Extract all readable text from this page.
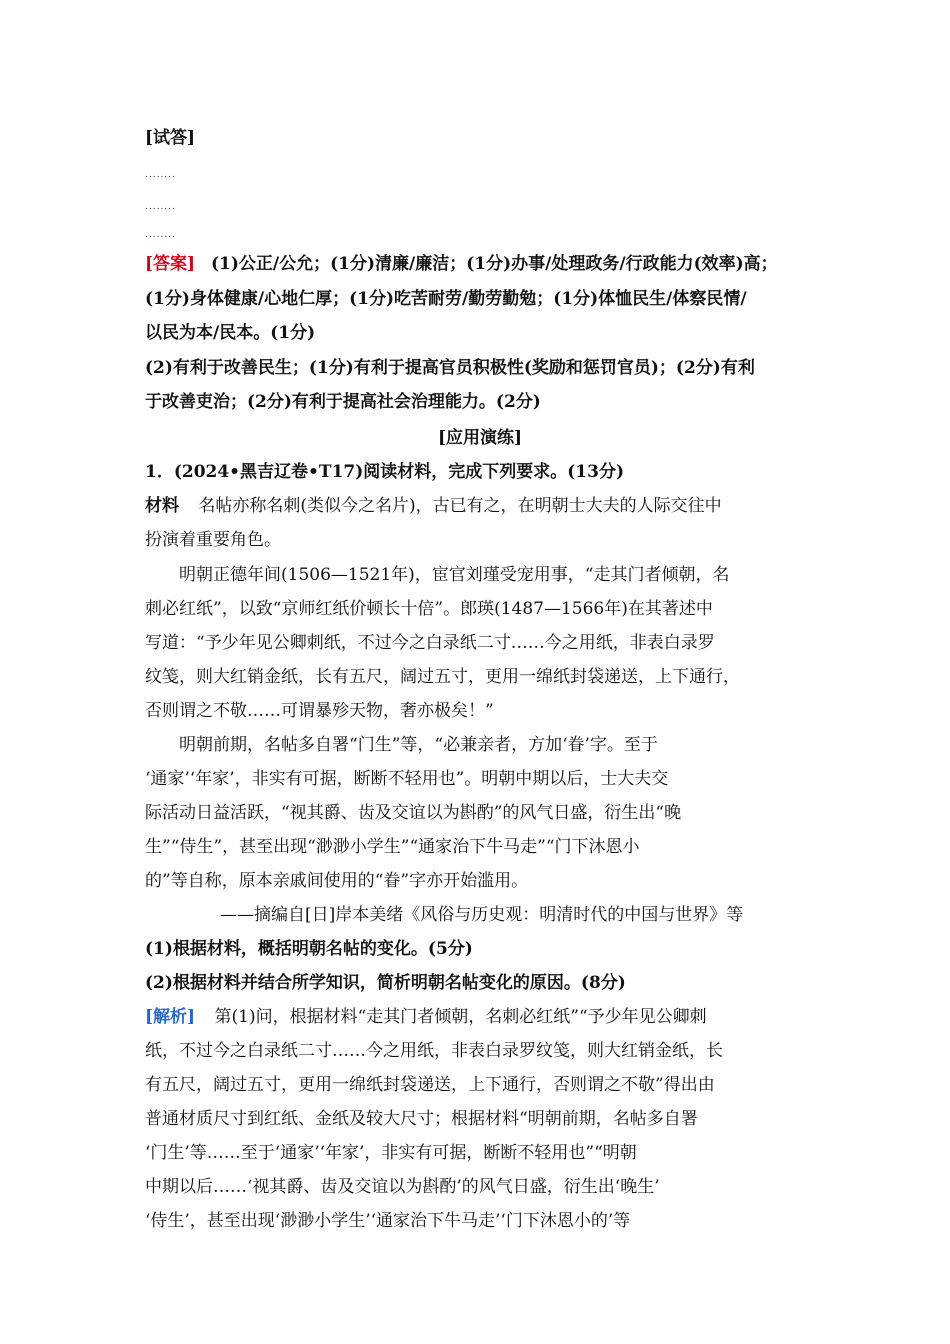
[试答]
........
........
........
[答案] (1)公正/公允；(1分)清廉/廉洁；(1分)办事/处理政务/行政能力(效率)高；
(1分)身体健康/心地仁厚；(1分)吃苦耐劳/勤劳勤勉；(1分)体恤民生/体察民情/
以民为本/民本。(1分)
(2)有利于改善民生；(1分)有利于提高官员积极性(奖励和惩罚官员)；(2分)有利
于改善吏治；(2分)有利于提高社会治理能力。(2分)
[应用演练]
1．(2024•黑吉辽卷•T17)阅读材料，完成下列要求。(13分)
材料 名帖亦称名刺(类似今之名片)，古已有之，在明朝士大夫的人际交往中
扮演着重要角色。
明朝正德年间(1506—1521年)，宦官刘瑾受宠用事，“走其门者倾朝，名
刺必红纸”，以致“京师红纸价顿长十倍”。郎瑛(1487—1566年)在其著述中
写道：“予少年见公卿刺纸，不过今之白录纸二寸……今之用纸，非表白录罗
纹笺，则大红销金纸，长有五尺，阔过五寸，更用一绵纸封袋递送，上下通行，
否则谓之不敬……可谓暴殄天物，奢亦极矣！”
明朝前期，名帖多自署“门生”等，“必兼亲者，方加‘眷’字。至于
‘通家’‘年家’，非实有可据，断断不轻用也”。明朝中期以后，士大夫交
际活动日益活跃，“视其爵、齿及交谊以为斟酌”的风气日盛，衍生出“晚
生”“侍生”，甚至出现“渺渺小学生”“通家治下牛马走”“门下沐恩小
的”等自称，原本亲戚间使用的“眷”字亦开始滥用。
——摘编自[日]岸本美绪《风俗与历史观：明清时代的中国与世界》等
(1)根据材料，概括明朝名帖的变化。(5分)
(2)根据材料并结合所学知识，简析明朝名帖变化的原因。(8分)
[解析] 第(1)问，根据材料“走其门者倾朝，名刺必红纸”“予少年见公卿刺
纸，不过今之白录纸二寸……今之用纸，非表白录罗纹笺，则大红销金纸，长
有五尺，阔过五寸，更用一绵纸封袋递送，上下通行，否则谓之不敬”得出由
普通材质尺寸到红纸、金纸及较大尺寸；根据材料“明朝前期，名帖多自署
‘门生’等……至于‘通家’‘年家’，非实有可据，断断不轻用也”“明朝
中期以后……‘视其爵、齿及交谊以为斟酌’的风气日盛，衍生出‘晚生’
‘侍生’，甚至出现‘渺渺小学生’‘通家治下牛马走’‘门下沐恩小的’等
